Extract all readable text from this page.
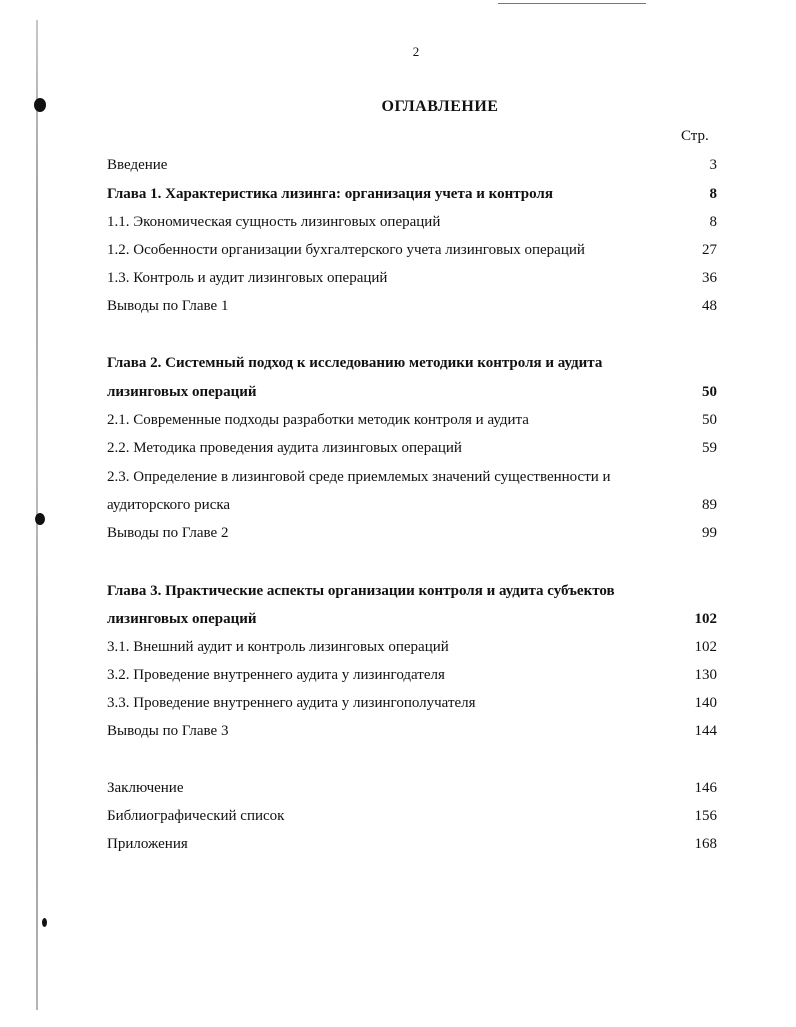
2
ОГЛАВЛЕНИЕ
Стр.
Введение	3
Глава 1. Характеристика лизинга: организация учета и контроля	8
1.1. Экономическая сущность лизинговых операций	8
1.2. Особенности организации бухгалтерского учета лизинговых операций	27
1.3. Контроль и аудит лизинговых операций	36
Выводы по Главе 1	48
Глава 2. Системный подход к исследованию методики контроля и аудита
лизинговых операций	50
2.1. Современные подходы разработки методик контроля и аудита	50
2.2. Методика проведения аудита лизинговых операций	59
2.3. Определение в лизинговой среде приемлемых значений существенности и
аудиторского риска	89
Выводы по Главе 2	99
Глава 3. Практические аспекты организации контроля и аудита субъектов
лизинговых операций	102
3.1. Внешний аудит и контроль лизинговых операций	102
3.2. Проведение внутреннего аудита у лизингодателя	130
3.3. Проведение внутреннего аудита у лизингополучателя	140
Выводы по Главе 3	144
Заключение	146
Библиографический список	156
Приложения	168
